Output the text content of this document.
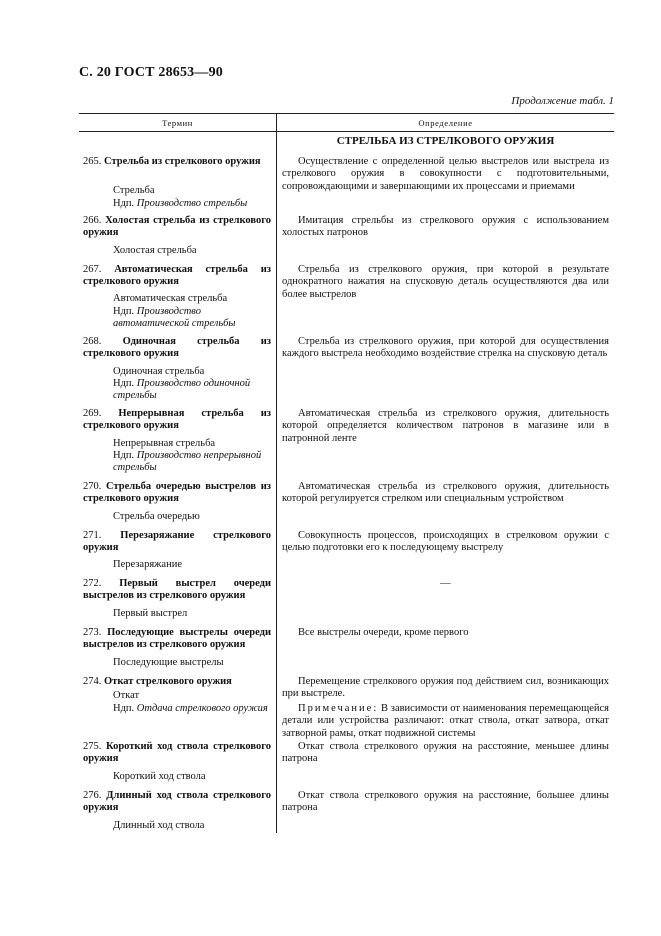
С. 20 ГОСТ 28653—90
Продолжение табл. 1
Термин	Определение
СТРЕЛЬБА ИЗ СТРЕЛКОВОГО ОРУЖИЯ
265. Стрельба из стрелкового оружия
Стрельба
Ндп. Производство стрельбы
Осуществление с определенной целью выстрелов или выстрела из стрелкового оружия в совокупности с подготовительными, сопровождающими и завершающими их процессами и приемами
266. Холостая стрельба из стрелкового оружия
Холостая стрельба
Имитация стрельбы из стрелкового оружия с использованием холостых патронов
267. Автоматическая стрельба из стрелкового оружия
Автоматическая стрельба
Ндп. Производство автоматической стрельбы
Стрельба из стрелкового оружия, при которой в результате однократного нажатия на спусковую деталь осуществляются два или более выстрелов
268. Одиночная стрельба из стрелкового оружия
Одиночная стрельба
Ндп. Производство одиночной стрельбы
Стрельба из стрелкового оружия, при которой для осуществления каждого выстрела необходимо воздействие стрелка на спусковую деталь
269. Непрерывная стрельба из стрелкового оружия
Непрерывная стрельба
Ндп. Производство непрерывной стрельбы
Автоматическая стрельба из стрелкового оружия, длительность которой определяется количеством патронов в магазине или в патронной ленте
270. Стрельба очередью выстрелов из стрелкового оружия
Стрельба очередью
Автоматическая стрельба из стрелкового оружия, длительность которой регулируется стрелком или специальным устройством
271. Перезаряжание стрелкового оружия
Перезаряжание
Совокупность процессов, происходящих в стрелковом оружии с целью подготовки его к последующему выстрелу
272. Первый выстрел очереди выстрелов из стрелкового оружия
Первый выстрел
—
273. Последующие выстрелы очереди выстрелов из стрелкового оружия
Последующие выстрелы
Все выстрелы очереди, кроме первого
274. Откат стрелкового оружия
Откат
Ндп. Отдача стрелкового оружия
Перемещение стрелкового оружия под действием сил, возникающих при выстреле.
Примечание: В зависимости от наименования перемещающейся детали или устройства различают: откат ствола, откат затвора, откат затворной рамы, откат подвижной системы
275. Короткий ход ствола стрелкового оружия
Короткий ход ствола
Откат ствола стрелкового оружия на расстояние, меньшее длины патрона
276. Длинный ход ствола стрелкового оружия
Длинный ход ствола
Откат ствола стрелкового оружия на расстояние, большее длины патрона
